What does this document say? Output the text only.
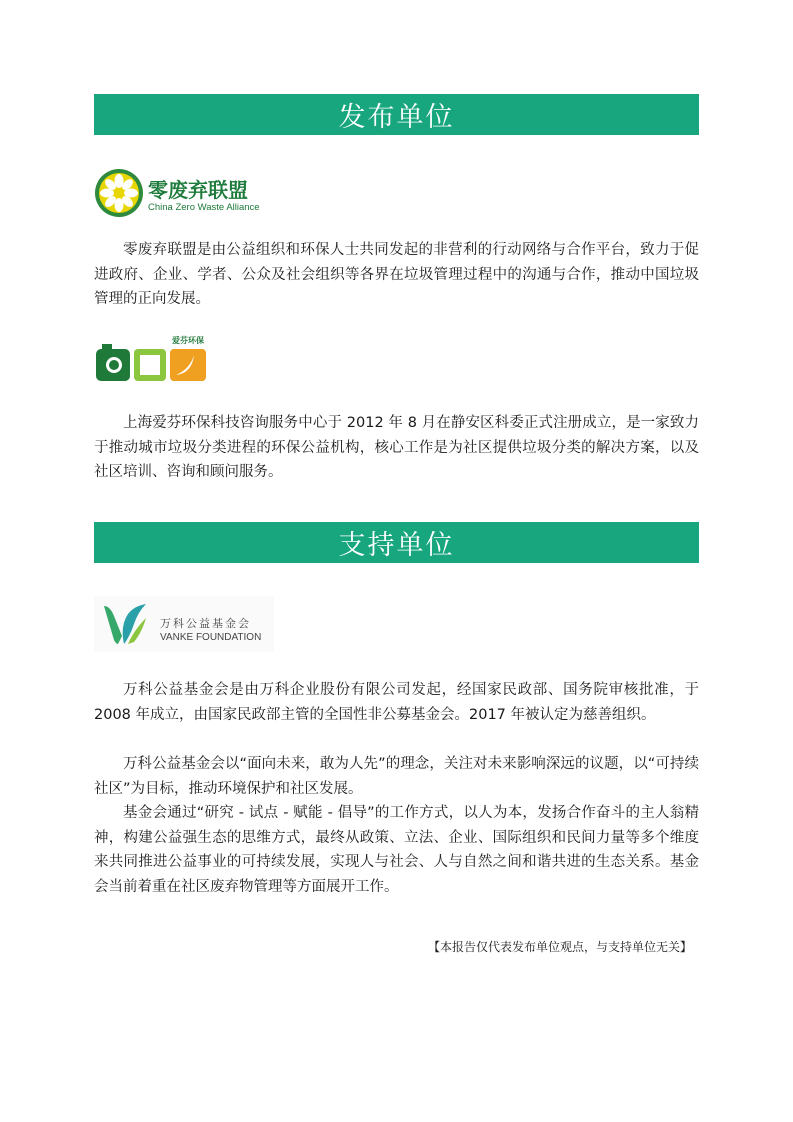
发布单位
零废弃联盟
China Zero Waste Alliance

零废弃联盟是由公益组织和环保人士共同发起的非营利的行动网络与合作平台，致力于促进政府、企业、学者、公众及社会组织等各界在垃圾管理过程中的沟通与合作，推动中国垃圾管理的正向发展。

爱芬环保

上海爱芬环保科技咨询服务中心于 2012 年 8 月在静安区科委正式注册成立，是一家致力于推动城市垃圾分类进程的环保公益机构，核心工作是为社区提供垃圾分类的解决方案，以及社区培训、咨询和顾问服务。

支持单位
万科公益基金会
VANKE FOUNDATION

万科公益基金会是由万科企业股份有限公司发起，经国家民政部、国务院审核批准，于 2008 年成立，由国家民政部主管的全国性非公募基金会。2017 年被认定为慈善组织。

万科公益基金会以“面向未来，敢为人先”的理念，关注对未来影响深远的议题，以“可持续社区”为目标，推动环境保护和社区发展。

基金会通过“研究 - 试点 - 赋能 - 倡导”的工作方式，以人为本，发扬合作奋斗的主人翁精神，构建公益强生态的思维方式，最终从政策、立法、企业、国际组织和民间力量等多个维度来共同推进公益事业的可持续发展，实现人与社会、人与自然之间和谐共进的生态关系。基金会当前着重在社区废弃物管理等方面展开工作。

【本报告仅代表发布单位观点，与支持单位无关】
